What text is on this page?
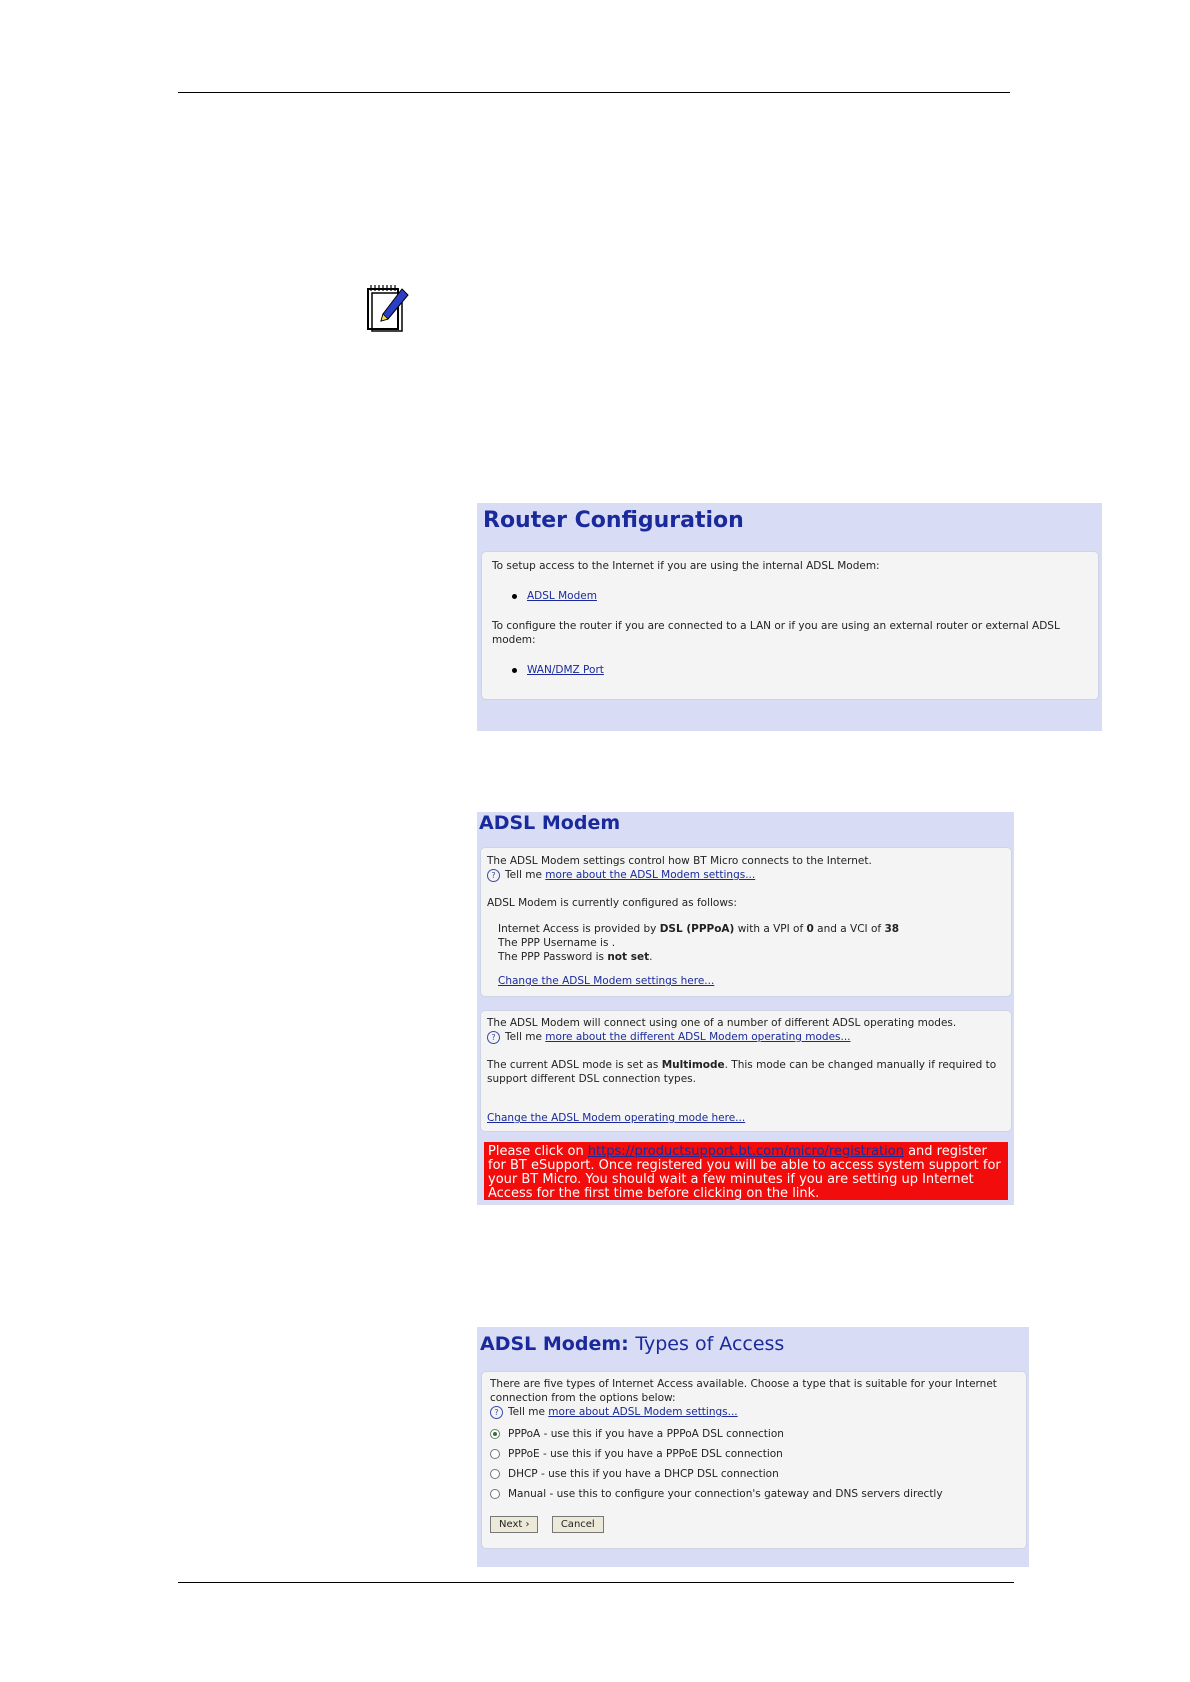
Router Configuration

To setup access to the Internet if you are using the internal ADSL Modem:

ADSL Modem

To configure the router if you are connected to a LAN or if you are using an external router or external ADSL modem:

WAN/DMZ Port
ADSL Modem

The ADSL Modem settings control how BT Micro connects to the Internet.

? Tell me more about the ADSL Modem settings...

ADSL Modem is currently configured as follows:

Internet Access is provided by DSL (PPPoA) with a VPI of 0 and a VCI of 38

The PPP Username is .

The PPP Password is not set.

Change the ADSL Modem settings here...

The ADSL Modem will connect using one of a number of different ADSL operating modes.

? Tell me more about the different ADSL Modem operating modes...

The current ADSL mode is set as Multimode. This mode can be changed manually if required to support different DSL connection types.

Change the ADSL Modem operating mode here...

Please click on https://productsupport.bt.com/micro/registration and register for BT eSupport. Once registered you will be able to access system support for your BT Micro. You should wait a few minutes if you are setting up Internet Access for the first time before clicking on the link.
ADSL Modem: Types of Access

There are five types of Internet Access available. Choose a type that is suitable for your Internet connection from the options below:

? Tell me more about ADSL Modem settings...

PPPoA - use this if you have a PPPoA DSL connection
PPPoE - use this if you have a PPPoE DSL connection
DHCP - use this if you have a DHCP DSL connection
Manual - use this to configure your connection's gateway and DNS servers directly
Next ›	Cancel
